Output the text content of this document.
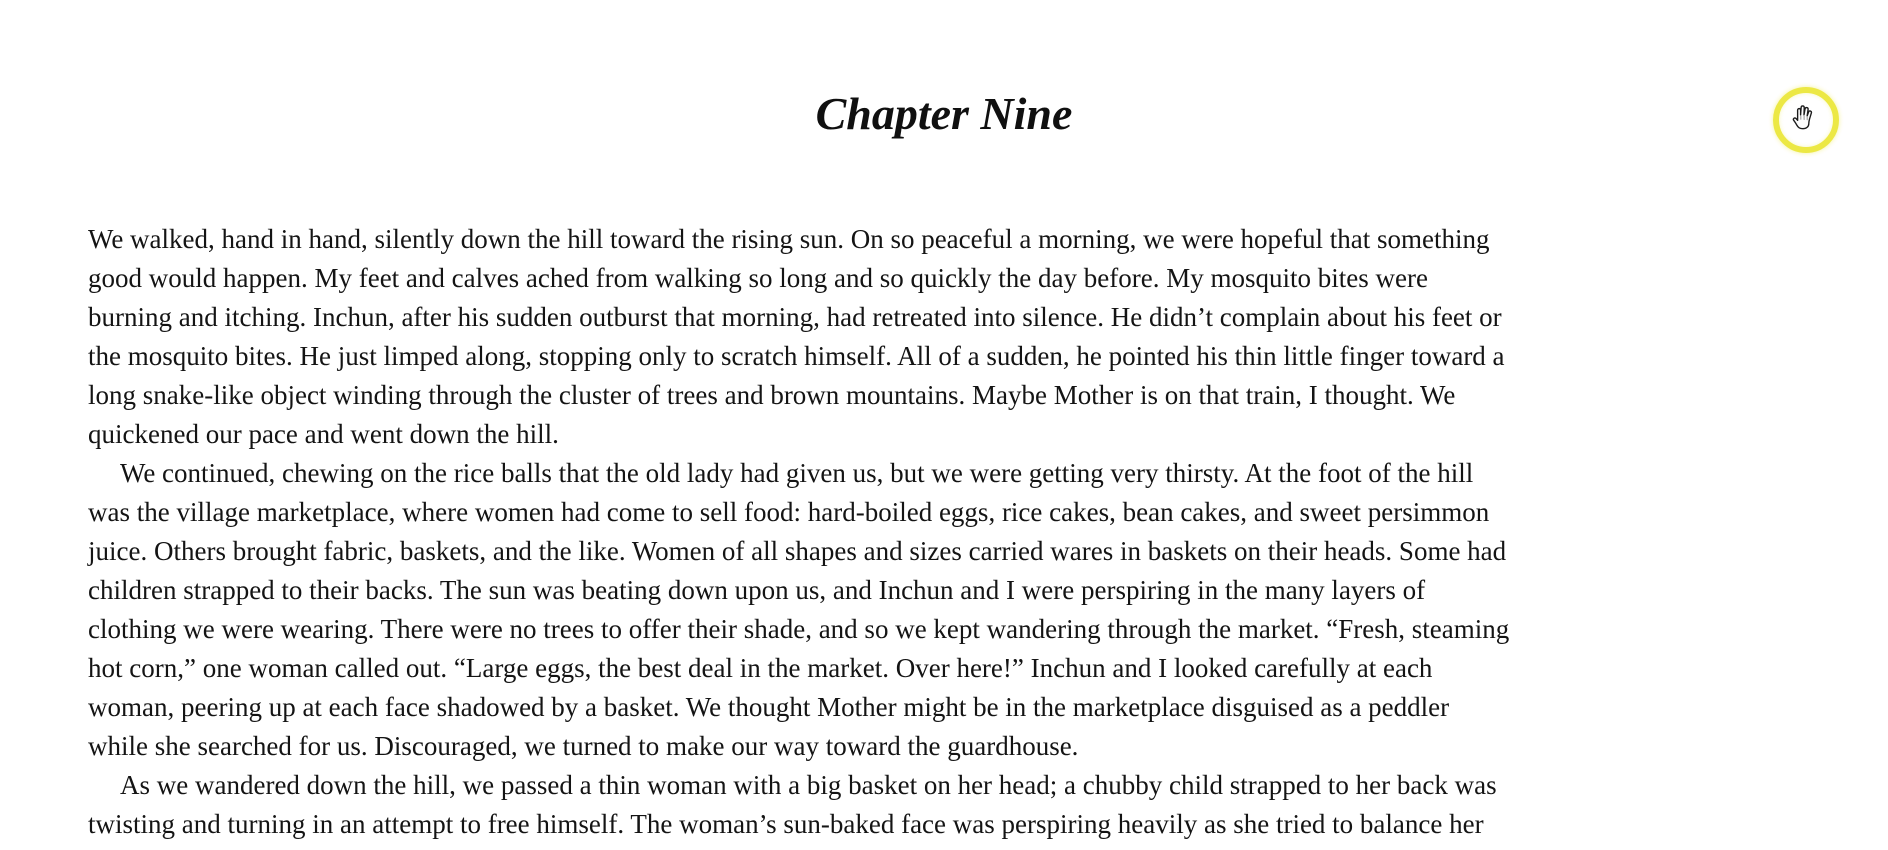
Chapter Nine
We walked, hand in hand, silently down the hill toward the rising sun. On so peaceful a morning, we were hopeful that something
good would happen. My feet and calves ached from walking so long and so quickly the day before. My mosquito bites were
burning and itching. Inchun, after his sudden outburst that morning, had retreated into silence. He didn’t complain about his feet or
the mosquito bites. He just limped along, stopping only to scratch himself. All of a sudden, he pointed his thin little finger toward a
long snake-like object winding through the cluster of trees and brown mountains. Maybe Mother is on that train, I thought. We
quickened our pace and went down the hill.
We continued, chewing on the rice balls that the old lady had given us, but we were getting very thirsty. At the foot of the hill
was the village marketplace, where women had come to sell food: hard-boiled eggs, rice cakes, bean cakes, and sweet persimmon
juice. Others brought fabric, baskets, and the like. Women of all shapes and sizes carried wares in baskets on their heads. Some had
children strapped to their backs. The sun was beating down upon us, and Inchun and I were perspiring in the many layers of
clothing we were wearing. There were no trees to offer their shade, and so we kept wandering through the market. “Fresh, steaming
hot corn,” one woman called out. “Large eggs, the best deal in the market. Over here!” Inchun and I looked carefully at each
woman, peering up at each face shadowed by a basket. We thought Mother might be in the marketplace disguised as a peddler
while she searched for us. Discouraged, we turned to make our way toward the guardhouse.
As we wandered down the hill, we passed a thin woman with a big basket on her head; a chubby child strapped to her back was
twisting and turning in an attempt to free himself. The woman’s sun-baked face was perspiring heavily as she tried to balance her
